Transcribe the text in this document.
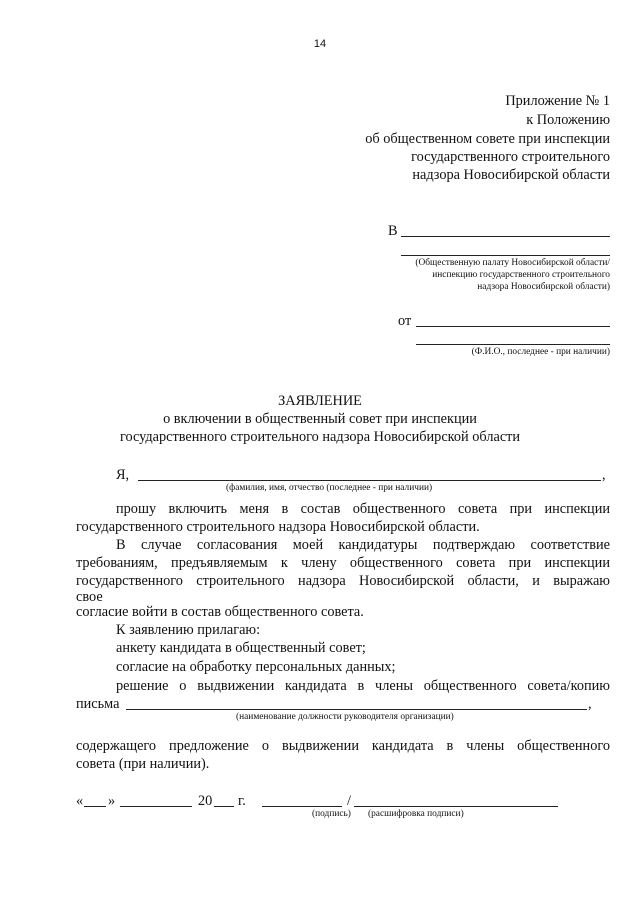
14
Приложение № 1
к Положению
об общественном совете при инспекции
государственного строительного
надзора Новосибирской области
В
(Общественную палату Новосибирской области/
инспекцию государственного строительного
надзора Новосибирской области)
от
(Ф.И.О., последнее - при наличии)
ЗАЯВЛЕНИЕ
о включении в общественный совет при инспекции
государственного строительного надзора Новосибирской области
Я,	,
(фамилия, имя, отчество (последнее - при наличии)
прошу включить меня в состав общественного совета при инспекции
государственного строительного надзора Новосибирской области.
В случае согласования моей кандидатуры подтверждаю соответствие
требованиям, предъявляемым к члену общественного совета при инспекции
государственного строительного надзора Новосибирской области, и выражаю
свое
согласие войти в состав общественного совета.
К заявлению прилагаю:
анкету кандидата в общественный совет;
согласие на обработку персональных данных;
решение о выдвижении кандидата в члены общественного совета/копию
письма	,
(наименование должности руководителя организации)
содержащего предложение о выдвижении кандидата в члены общественного
совета (при наличии).
« »	20 г.	/
(подпись) (расшифровка подписи)
